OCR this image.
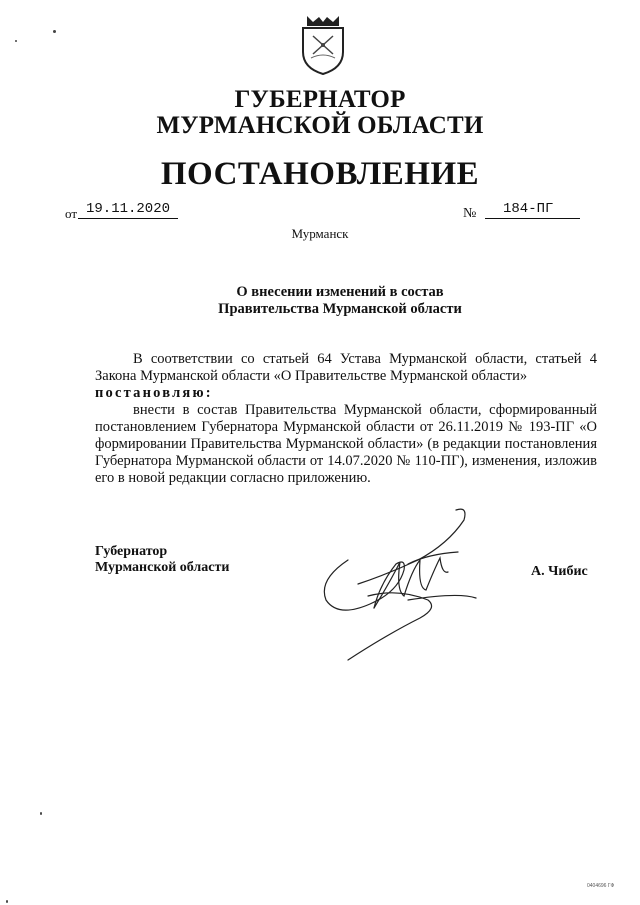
ГУБЕРНАТОР
МУРМАНСКОЙ ОБЛАСТИ
ПОСТАНОВЛЕНИЕ
от 19.11.2020	№	184-ПГ
Мурманск
О внесении изменений в состав
Правительства Мурманской области
В соответствии со статьей 64 Устава Мурманской области, статьей 4 Закона Мурманской области «О Правительстве Мурманской области»
постановляю:
внести в состав Правительства Мурманской области, сформированный постановлением Губернатора Мурманской области от 26.11.2019 № 193-ПГ «О формировании Правительства Мурманской области» (в редакции постановления Губернатора Мурманской области от 14.07.2020 № 110-ПГ), изменения, изложив его в новой редакции согласно приложению.
Губернатор
Мурманской области	А. Чибис
0404696 ГФ
